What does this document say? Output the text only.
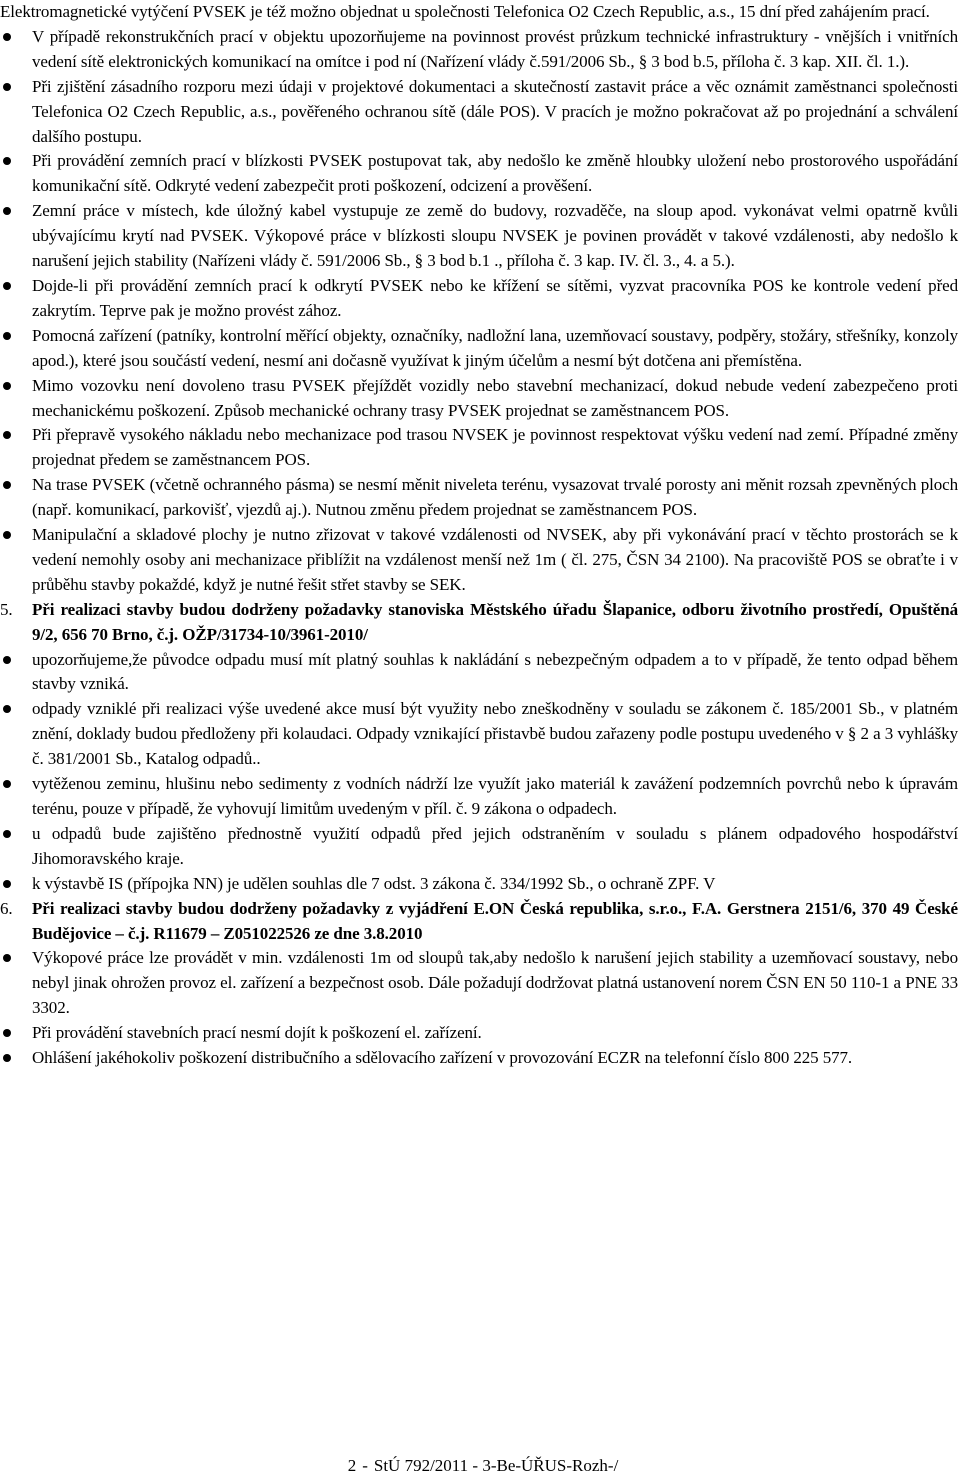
Elektromagnetické vytýčení PVSEK je též možno objednat u společnosti Telefonica O2 Czech Republic, a.s., 15 dní před zahájením prací.

V případě rekonstrukčních prací v objektu upozorňujeme na povinnost provést průzkum technické infrastruktury - vnějších i vnitřních vedení sítě elektronických komunikací na omítce i pod ní (Nařízení vlády č.591/2006 Sb., § 3 bod b.5, příloha č. 3 kap. XII. čl. 1.).

Při zjištění zásadního rozporu mezi údaji v projektové dokumentaci a skutečností zastavit práce a věc oznámit zaměstnanci společnosti Telefonica O2 Czech Republic, a.s., pověřeného ochranou sítě (dále POS). V pracích je možno pokračovat až po projednání a schválení dalšího postupu.

Při provádění zemních prací v blízkosti PVSEK postupovat tak, aby nedošlo ke změně hloubky uložení nebo prostorového uspořádání komunikační sítě. Odkryté vedení zabezpečit proti poškození, odcizení a prověšení.

Zemní práce v místech, kde úložný kabel vystupuje ze země do budovy, rozvaděče, na sloup apod. vykonávat velmi opatrně kvůli ubývajícímu krytí nad PVSEK. Výkopové práce v blízkosti sloupu NVSEK je povinen provádět v takové vzdálenosti, aby nedošlo k narušení jejich stability (Nařízeni vlády č. 591/2006 Sb., § 3 bod b.1 ., příloha č. 3 kap. IV. čl. 3., 4. a 5.).

Dojde-li při provádění zemních prací k odkrytí PVSEK nebo ke křížení se sítěmi, vyzvat pracovníka POS ke kontrole vedení před zakrytím. Teprve pak je možno provést zához.

Pomocná zařízení (patníky, kontrolní měřící objekty, označníky, nadložní lana, uzemňovací soustavy, podpěry, stožáry, střešníky, konzoly apod.), které jsou součástí vedení, nesmí ani dočasně využívat k jiným účelům a nesmí být dotčena ani přemístěna.

Mimo vozovku není dovoleno trasu PVSEK přejíždět vozidly nebo stavební mechanizací, dokud nebude vedení zabezpečeno proti mechanickému poškození. Způsob mechanické ochrany trasy PVSEK projednat se zaměstnancem POS.

Při přepravě vysokého nákladu nebo mechanizace pod trasou NVSEK je povinnost respektovat výšku vedení nad zemí. Případné změny projednat předem se zaměstnancem POS.

Na trase PVSEK (včetně ochranného pásma) se nesmí měnit niveleta terénu, vysazovat trvalé porosty ani měnit rozsah zpevněných ploch (např. komunikací, parkovišť, vjezdů aj.). Nutnou změnu předem projednat se zaměstnancem POS.

Manipulační a skladové plochy je nutno zřizovat v takové vzdálenosti od NVSEK, aby při vykonávání prací v těchto prostorách se k vedení nemohly osoby ani mechanizace přiblížit na vzdálenost menší než 1m ( čl. 275, ČSN 34 2100). Na pracoviště POS se obraťte i v průběhu stavby pokaždé, když je nutné řešit střet stavby se SEK.

5. Při realizaci stavby budou dodrženy požadavky stanoviska Městského úřadu Šlapanice, odboru životního prostředí, Opuštěná 9/2, 656 70 Brno, č.j. OŽP/31734-10/3961-2010/

upozorňujeme,že původce odpadu musí mít platný souhlas k nakládání s nebezpečným odpadem a to v případě, že tento odpad během stavby vzniká.

odpady vzniklé při realizaci výše uvedené akce musí být využity nebo zneškodněny v souladu se zákonem č. 185/2001 Sb., v platném znění, doklady budou předloženy při kolaudaci. Odpady vznikající přistavbě budou zařazeny podle postupu uvedeného v § 2 a 3 vyhlášky č. 381/2001 Sb., Katalog odpadů..

vytěženou zeminu, hlušinu nebo sedimenty z vodních nádrží lze využít jako materiál k zavážení podzemních povrchů nebo k úpravám terénu, pouze v případě, že vyhovují limitům uvedeným v příl. č. 9 zákona o odpadech.

u odpadů bude zajištěno přednostně využití odpadů před jejich odstraněním v souladu s plánem odpadového hospodářství Jihomoravského kraje.

k výstavbě IS (přípojka NN) je udělen souhlas dle 7 odst. 3 zákona č. 334/1992 Sb., o ochraně ZPF. V

6. Při realizaci stavby budou dodrženy požadavky z vyjádření E.ON Česká republika, s.r.o., F.A. Gerstnera 2151/6, 370 49 České Budějovice – č.j. R11679 – Z051022526 ze dne 3.8.2010

Výkopové práce lze provádět v min. vzdálenosti 1m od sloupů tak,aby nedošlo k narušení jejich stability a uzemňovací soustavy, nebo nebyl jinak ohrožen provoz el. zařízení a bezpečnost osob. Dále požadují dodržovat platná ustanovení norem ČSN EN 50 110-1 a PNE 33 3302.

Při provádění stavebních prací nesmí dojít k poškození el. zařízení.

Ohlášení jakéhokoliv poškození distribučního a sdělovacího zařízení v provozování ECZR na telefonní číslo 800 225 577.

2 - StÚ 792/2011 - 3-Be-ÚŘUS-Rozh-/
